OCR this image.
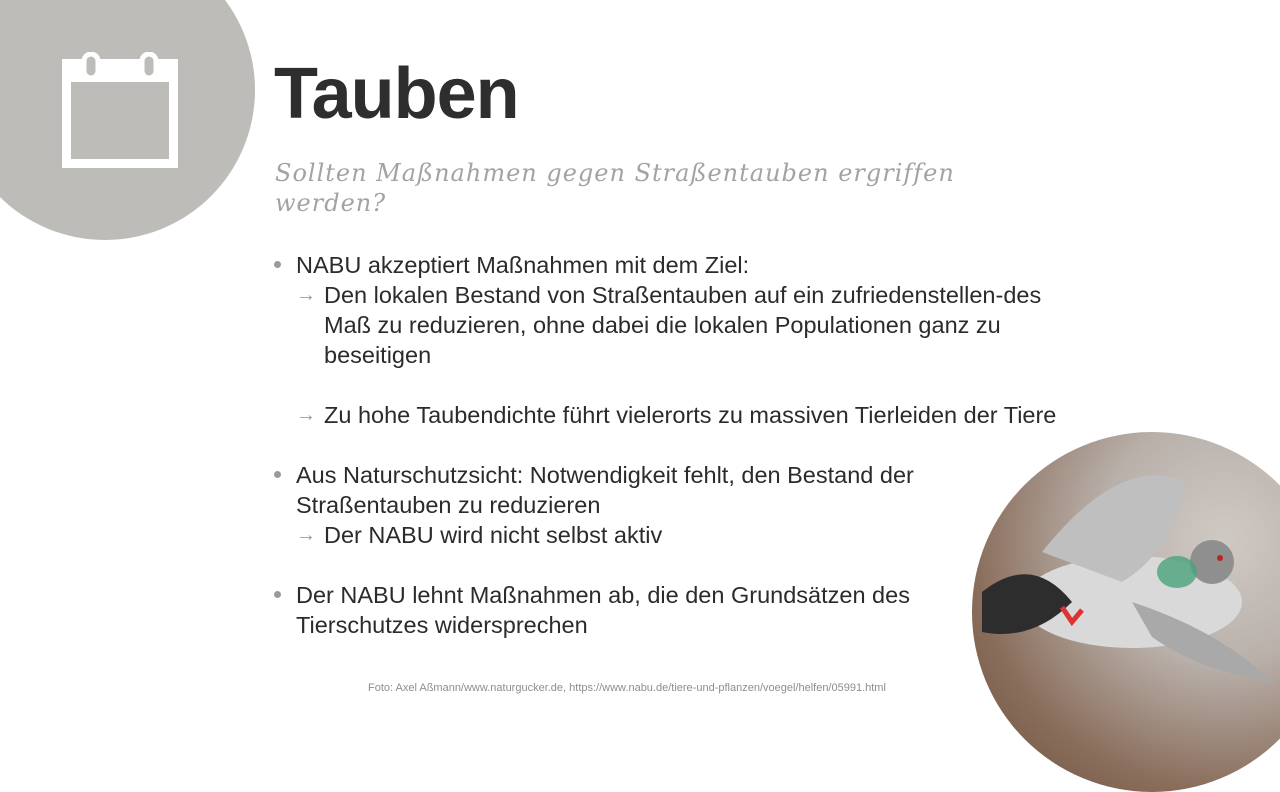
Tauben
Sollten Maßnahmen gegen Straßentauben ergriffen werden?
NABU akzeptiert Maßnahmen mit dem Ziel:
→ Den lokalen Bestand von Straßentauben auf ein zufriedenstellen-des Maß zu reduzieren, ohne dabei die lokalen Populationen ganz zu beseitigen
→ Zu hohe Taubendichte führt vielerorts zu massiven Tierleiden der Tiere
Aus Naturschutzsicht: Notwendigkeit fehlt, den Bestand der Straßentauben zu reduzieren
→ Der NABU wird nicht selbst aktiv
Der NABU lehnt Maßnahmen ab, die den Grundsätzen des Tierschutzes widersprechen
Foto: Axel Aßmann/www.naturgucker.de, https://www.nabu.de/tiere-und-pflanzen/voegel/helfen/05991.html
